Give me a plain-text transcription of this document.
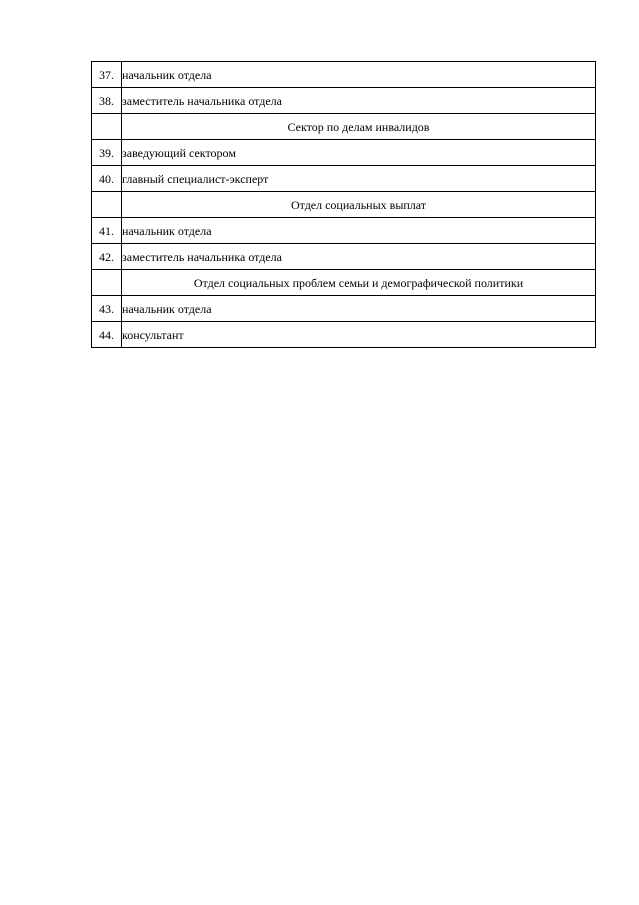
37.	начальник отдела
38.	заместитель начальника отдела
	Сектор по делам инвалидов
39.	заведующий сектором
40.	главный специалист-эксперт
	Отдел социальных выплат
41.	начальник отдела
42.	заместитель начальника отдела
	Отдел социальных проблем семьи и демографической политики
43.	начальник отдела
44.	консультант
